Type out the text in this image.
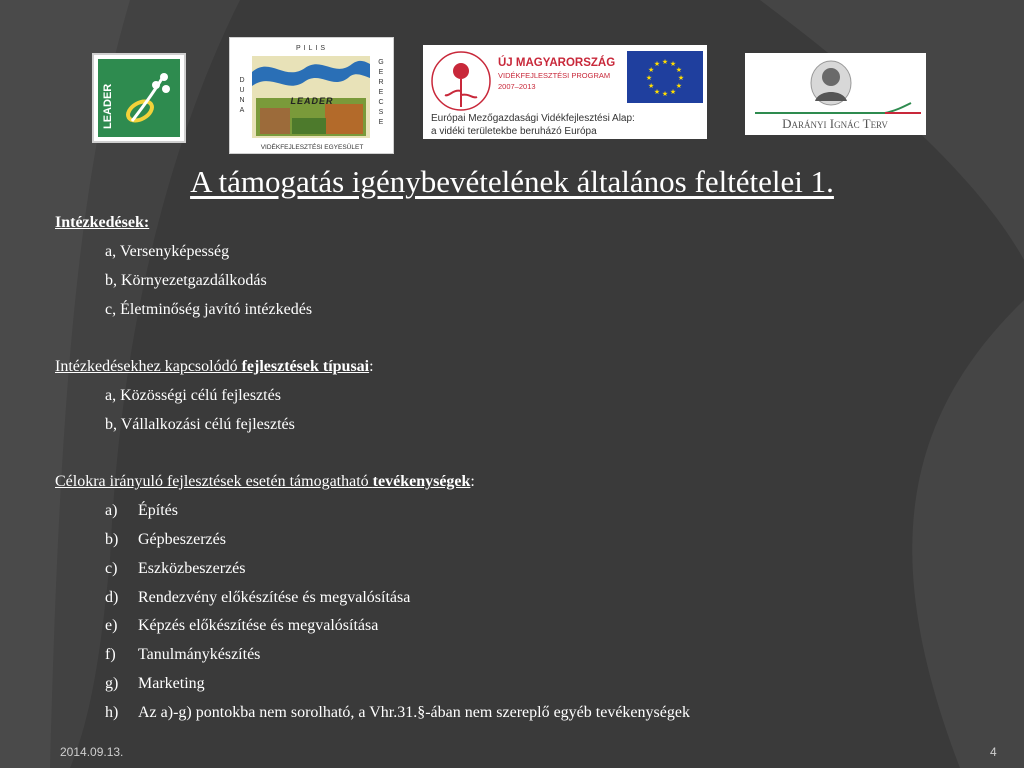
LEADER
PILIS
D
U
N
A
G
E
R
E
C
S
E
LEADER
VIDÉKFEJLESZTÉSI EGYESÜLET
ÚJ MAGYARORSZÁG
VIDÉKFEJLESZTÉSI PROGRAM
2007–2013
★
★
★
★
★
★
★
★
★ ★ ★
★
Európai Mezőgazdasági Vidékfejlesztési Alap:
a vidéki területekbe beruházó Európa
Darányi Ignác Terv
A támogatás igénybevételének általános feltételei 1.
Intézkedések:
a, Versenyképesség
b, Környezetgazdálkodás
c, Életminőség javító intézkedés
Intézkedésekhez kapcsolódó fejlesztések típusai:
a, Közösségi célú fejlesztés
b, Vállalkozási célú fejlesztés
Célokra irányuló fejlesztések esetén támogatható tevékenységek:
a) Építés
b) Gépbeszerzés
c) Eszközbeszerzés
d) Rendezvény előkészítése és megvalósítása
e) Képzés előkészítése és megvalósítása
f) Tanulmánykészítés
g) Marketing
h) Az a)-g) pontokba nem sorolható, a Vhr.31.§-ában nem szereplő egyéb tevékenységek
2014.09.13.	4
